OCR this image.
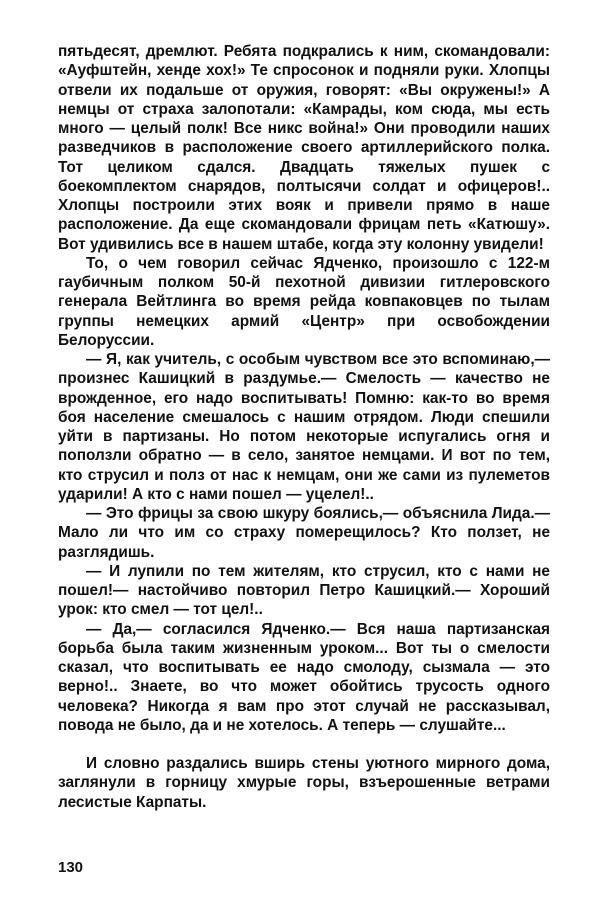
пятьдесят, дремлют. Ребята подкрались к ним, скомандовали: «Ауфштейн, хенде хох!» Те спросонок и подняли руки. Хлопцы отвели их подальше от оружия, говорят: «Вы окружены!» А немцы от страха залопотали: «Камрады, ком сюда, мы есть много — целый полк! Все никс война!» Они проводили наших разведчиков в расположение своего артиллерийского полка. Тот целиком сдался. Двадцать тяжелых пушек с боекомплектом снарядов, полтысячи солдат и офицеров!.. Хлопцы построили этих вояк и привели прямо в наше расположение. Да еще скомандовали фрицам петь «Катюшу». Вот удивились все в нашем штабе, когда эту колонну увидели!

То, о чем говорил сейчас Ядченко, произошло с 122-м гаубичным полком 50-й пехотной дивизии гитлеровского генерала Вейтлинга во время рейда ковпаковцев по тылам группы немецких армий «Центр» при освобождении Белоруссии.

— Я, как учитель, с особым чувством все это вспоминаю,— произнес Кашицкий в раздумье.— Смелость — качество не врожденное, его надо воспитывать! Помню: как-то во время боя население смешалось с нашим отрядом. Люди спешили уйти в партизаны. Но потом некоторые испугались огня и поползли обратно — в село, занятое немцами. И вот по тем, кто струсил и полз от нас к немцам, они же сами из пулеметов ударили! А кто с нами пошел — уцелел!..

— Это фрицы за свою шкуру боялись,— объяснила Лида.— Мало ли что им со страху померещилось? Кто ползет, не разглядишь.

— И лупили по тем жителям, кто струсил, кто с нами не пошел!— настойчиво повторил Петро Кашицкий.— Хороший урок: кто смел — тот цел!..

— Да,— согласился Ядченко.— Вся наша партизанская борьба была таким жизненным уроком... Вот ты о смелости сказал, что воспитывать ее надо смолоду, сызмала — это верно!.. Знаете, во что может обойтись трусость одного человека? Никогда я вам про этот случай не рассказывал, повода не было, да и не хотелось. А теперь — слушайте...

И словно раздались вширь стены уютного мирного дома, заглянули в горницу хмурые горы, взъерошенные ветрами лесистые Карпаты.

130
